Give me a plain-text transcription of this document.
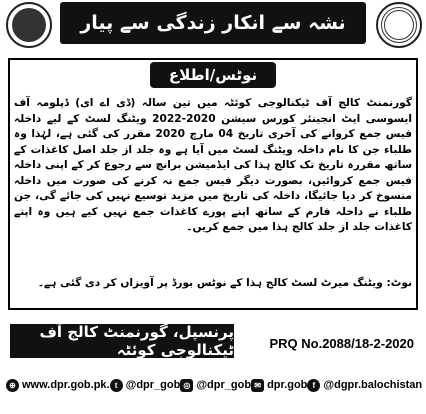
نشہ سے انکار زندگی سے پیار
نوٹس/اطلاع

گورنمنٹ کالج آف ٹیکنالوجی کوئٹہ میں تین سالہ (ڈی اے ای) ڈپلومہ آف ایسوسی ایٹ انجینئر کورس سیشن 2020-2022 ویٹنگ لسٹ کے لیے داخلہ فیس جمع کروانے کی آخری تاریخ 04 مارچ 2020 مقرر کی گئی ہے، لہٰذا وہ طلباء جن کا نام داخلہ ویٹنگ لسٹ میں آیا ہے وہ جلد از جلد اصل کاغذات کے ساتھ مقررہ تاریخ تک کالج ہذا کی ایڈمیشن برانچ سے رجوع کر کے اپنی داخلہ فیس جمع کروائیں، بصورت دیگر فیس جمع نہ کرنے کی صورت میں داخلہ منسوخ کر دیا جائیگا، داخلہ کی تاریخ میں مزید توسیع نہیں کی جائے گی، جن طلباء نے داخلہ فارم کے ساتھ اپنے پورے کاغذات جمع نہیں کیے ہیں وہ اپنے کاغذات جلد از جلد کالج ہذا میں جمع کریں۔

نوٹ: ویٹنگ میرٹ لسٹ کالج ہذا کے نوٹس بورڈ پر آویزاں کر دی گئی ہے۔
پرنسپل، گورنمنٹ کالج آف ٹیکنالوجی کوئٹہ	PRQ No.2088/18-2-2020
⊕ www.dpr.gob.pk. t @dpr_gob ◎ @dpr_gob ✉ dpr.gob f @dgpr.balochistan
